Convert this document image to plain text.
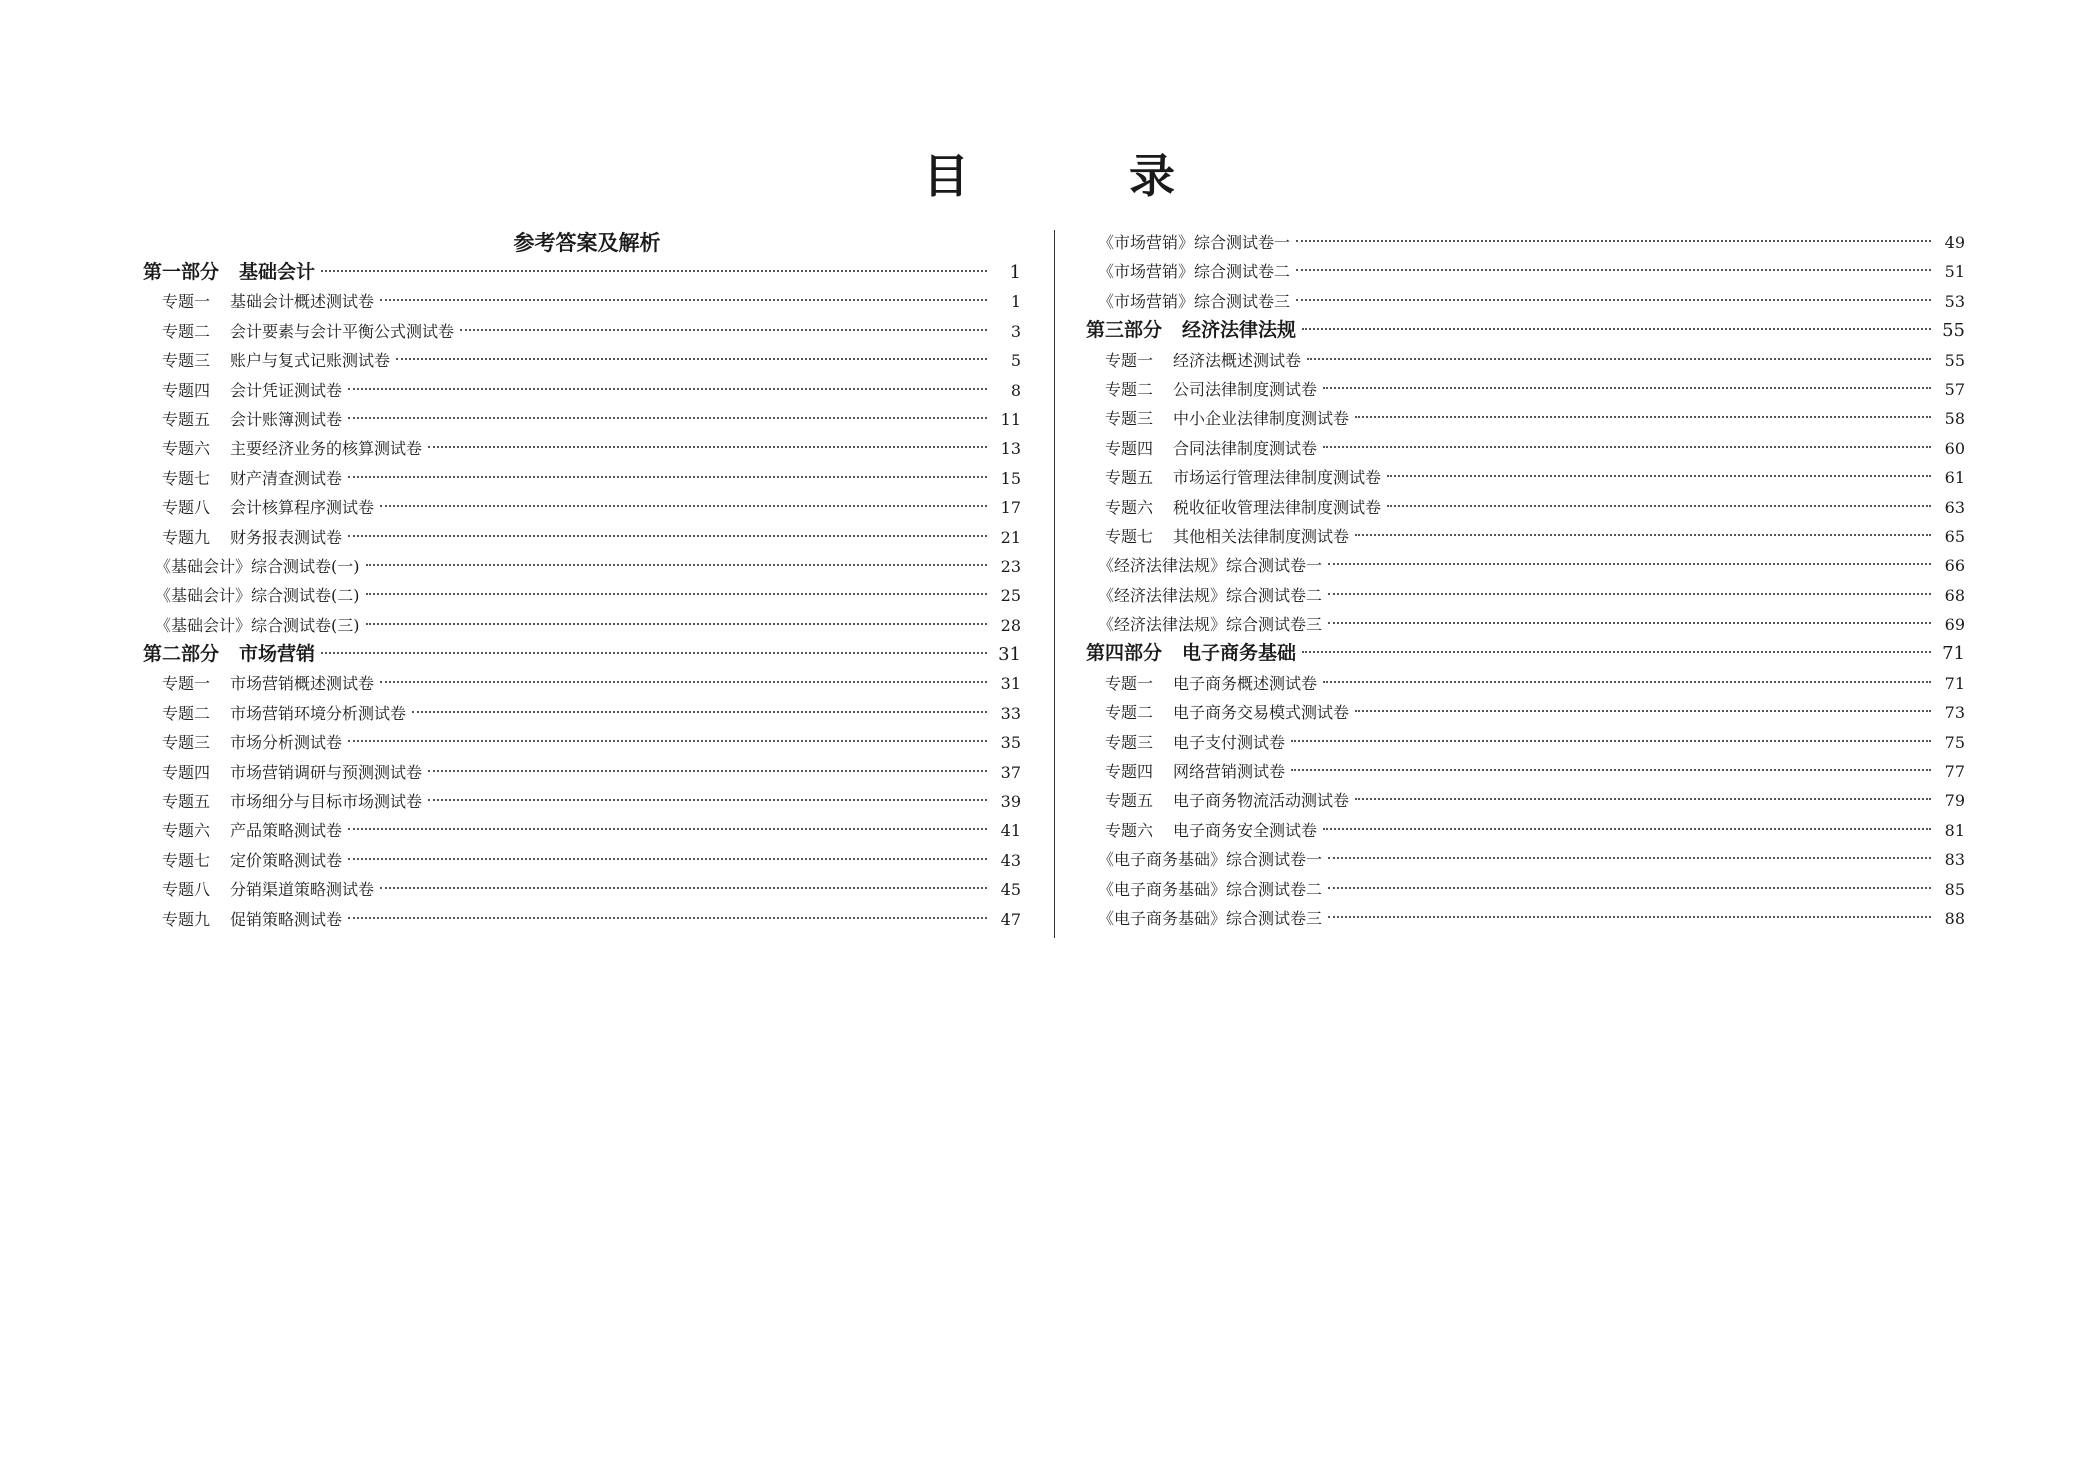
目 录
参考答案及解析
第一部分 基础会计	1
专题一 基础会计概述测试卷	1
专题二 会计要素与会计平衡公式测试卷	3
专题三 账户与复式记账测试卷	5
专题四 会计凭证测试卷	8
专题五 会计账簿测试卷	11
专题六 主要经济业务的核算测试卷	13
专题七 财产清查测试卷	15
专题八 会计核算程序测试卷	17
专题九 财务报表测试卷	21
《基础会计》综合测试卷(一)	23
《基础会计》综合测试卷(二)	25
《基础会计》综合测试卷(三)	28
第二部分 市场营销	31
专题一 市场营销概述测试卷	31
专题二 市场营销环境分析测试卷	33
专题三 市场分析测试卷	35
专题四 市场营销调研与预测测试卷	37
专题五 市场细分与目标市场测试卷	39
专题六 产品策略测试卷	41
专题七 定价策略测试卷	43
专题八 分销渠道策略测试卷	45
专题九 促销策略测试卷	47
《市场营销》综合测试卷一	49
《市场营销》综合测试卷二	51
《市场营销》综合测试卷三	53
第三部分 经济法律法规	55
专题一 经济法概述测试卷	55
专题二 公司法律制度测试卷	57
专题三 中小企业法律制度测试卷	58
专题四 合同法律制度测试卷	60
专题五 市场运行管理法律制度测试卷	61
专题六 税收征收管理法律制度测试卷	63
专题七 其他相关法律制度测试卷	65
《经济法律法规》综合测试卷一	66
《经济法律法规》综合测试卷二	68
《经济法律法规》综合测试卷三	69
第四部分 电子商务基础	71
专题一 电子商务概述测试卷	71
专题二 电子商务交易模式测试卷	73
专题三 电子支付测试卷	75
专题四 网络营销测试卷	77
专题五 电子商务物流活动测试卷	79
专题六 电子商务安全测试卷	81
《电子商务基础》综合测试卷一	83
《电子商务基础》综合测试卷二	85
《电子商务基础》综合测试卷三	88
